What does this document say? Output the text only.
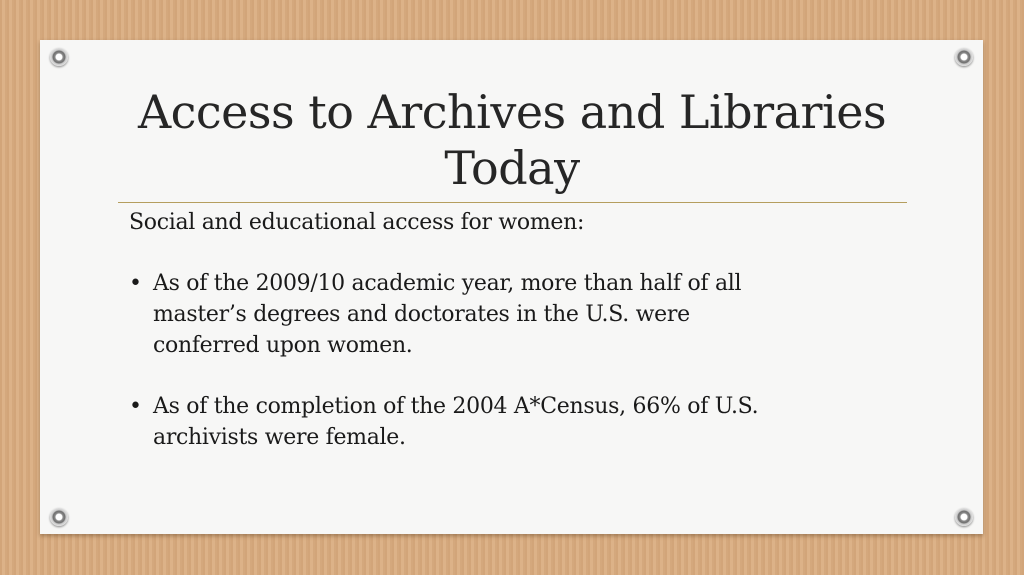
Access to Archives and Libraries
Today

Social and educational access for women:

• As of the 2009/10 academic year, more than half of all
master’s degrees and doctorates in the U.S. were
conferred upon women.
• As of the completion of the 2004 A*Census, 66% of U.S.
archivists were female.
